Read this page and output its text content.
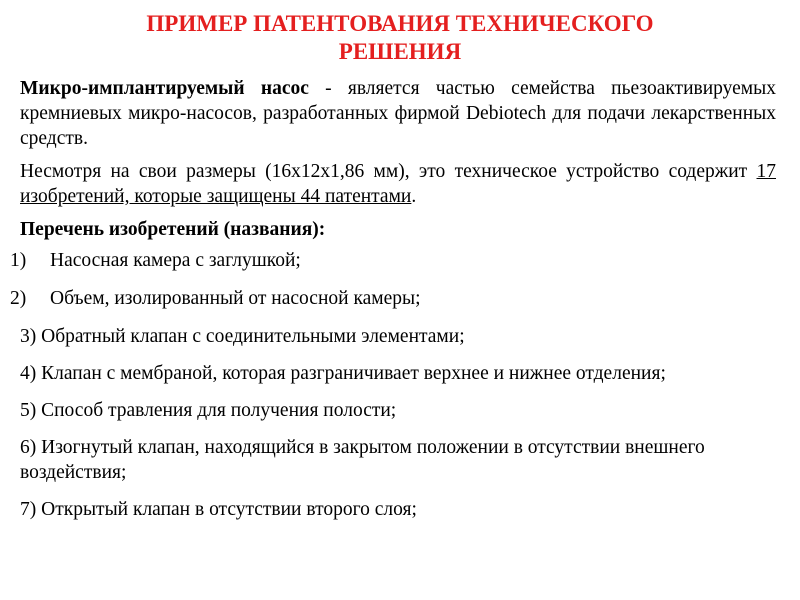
ПРИМЕР ПАТЕНТОВАНИЯ ТЕХНИЧЕСКОГО
РЕШЕНИЯ

Микро-имплантируемый насос - является частью семейства пьезоактивируемых кремниевых микро-насосов, разработанных фирмой Debiotech для подачи лекарственных средств.

Несмотря на свои размеры (16х12х1,86 мм), это техническое устройство содержит 17 изобретений, которые защищены 44 патентами.

Перечень изобретений (названия):
1) Насосная камера с заглушкой;
2) Объем, изолированный от насосной камеры;
3) Обратный клапан с соединительными элементами;
4) Клапан с мембраной, которая разграничивает верхнее и нижнее отделения;
5) Способ травления для получения полости;
6) Изогнутый клапан, находящийся в закрытом положении в отсутствии внешнего воздействия;
7) Открытый клапан в отсутствии второго слоя;
